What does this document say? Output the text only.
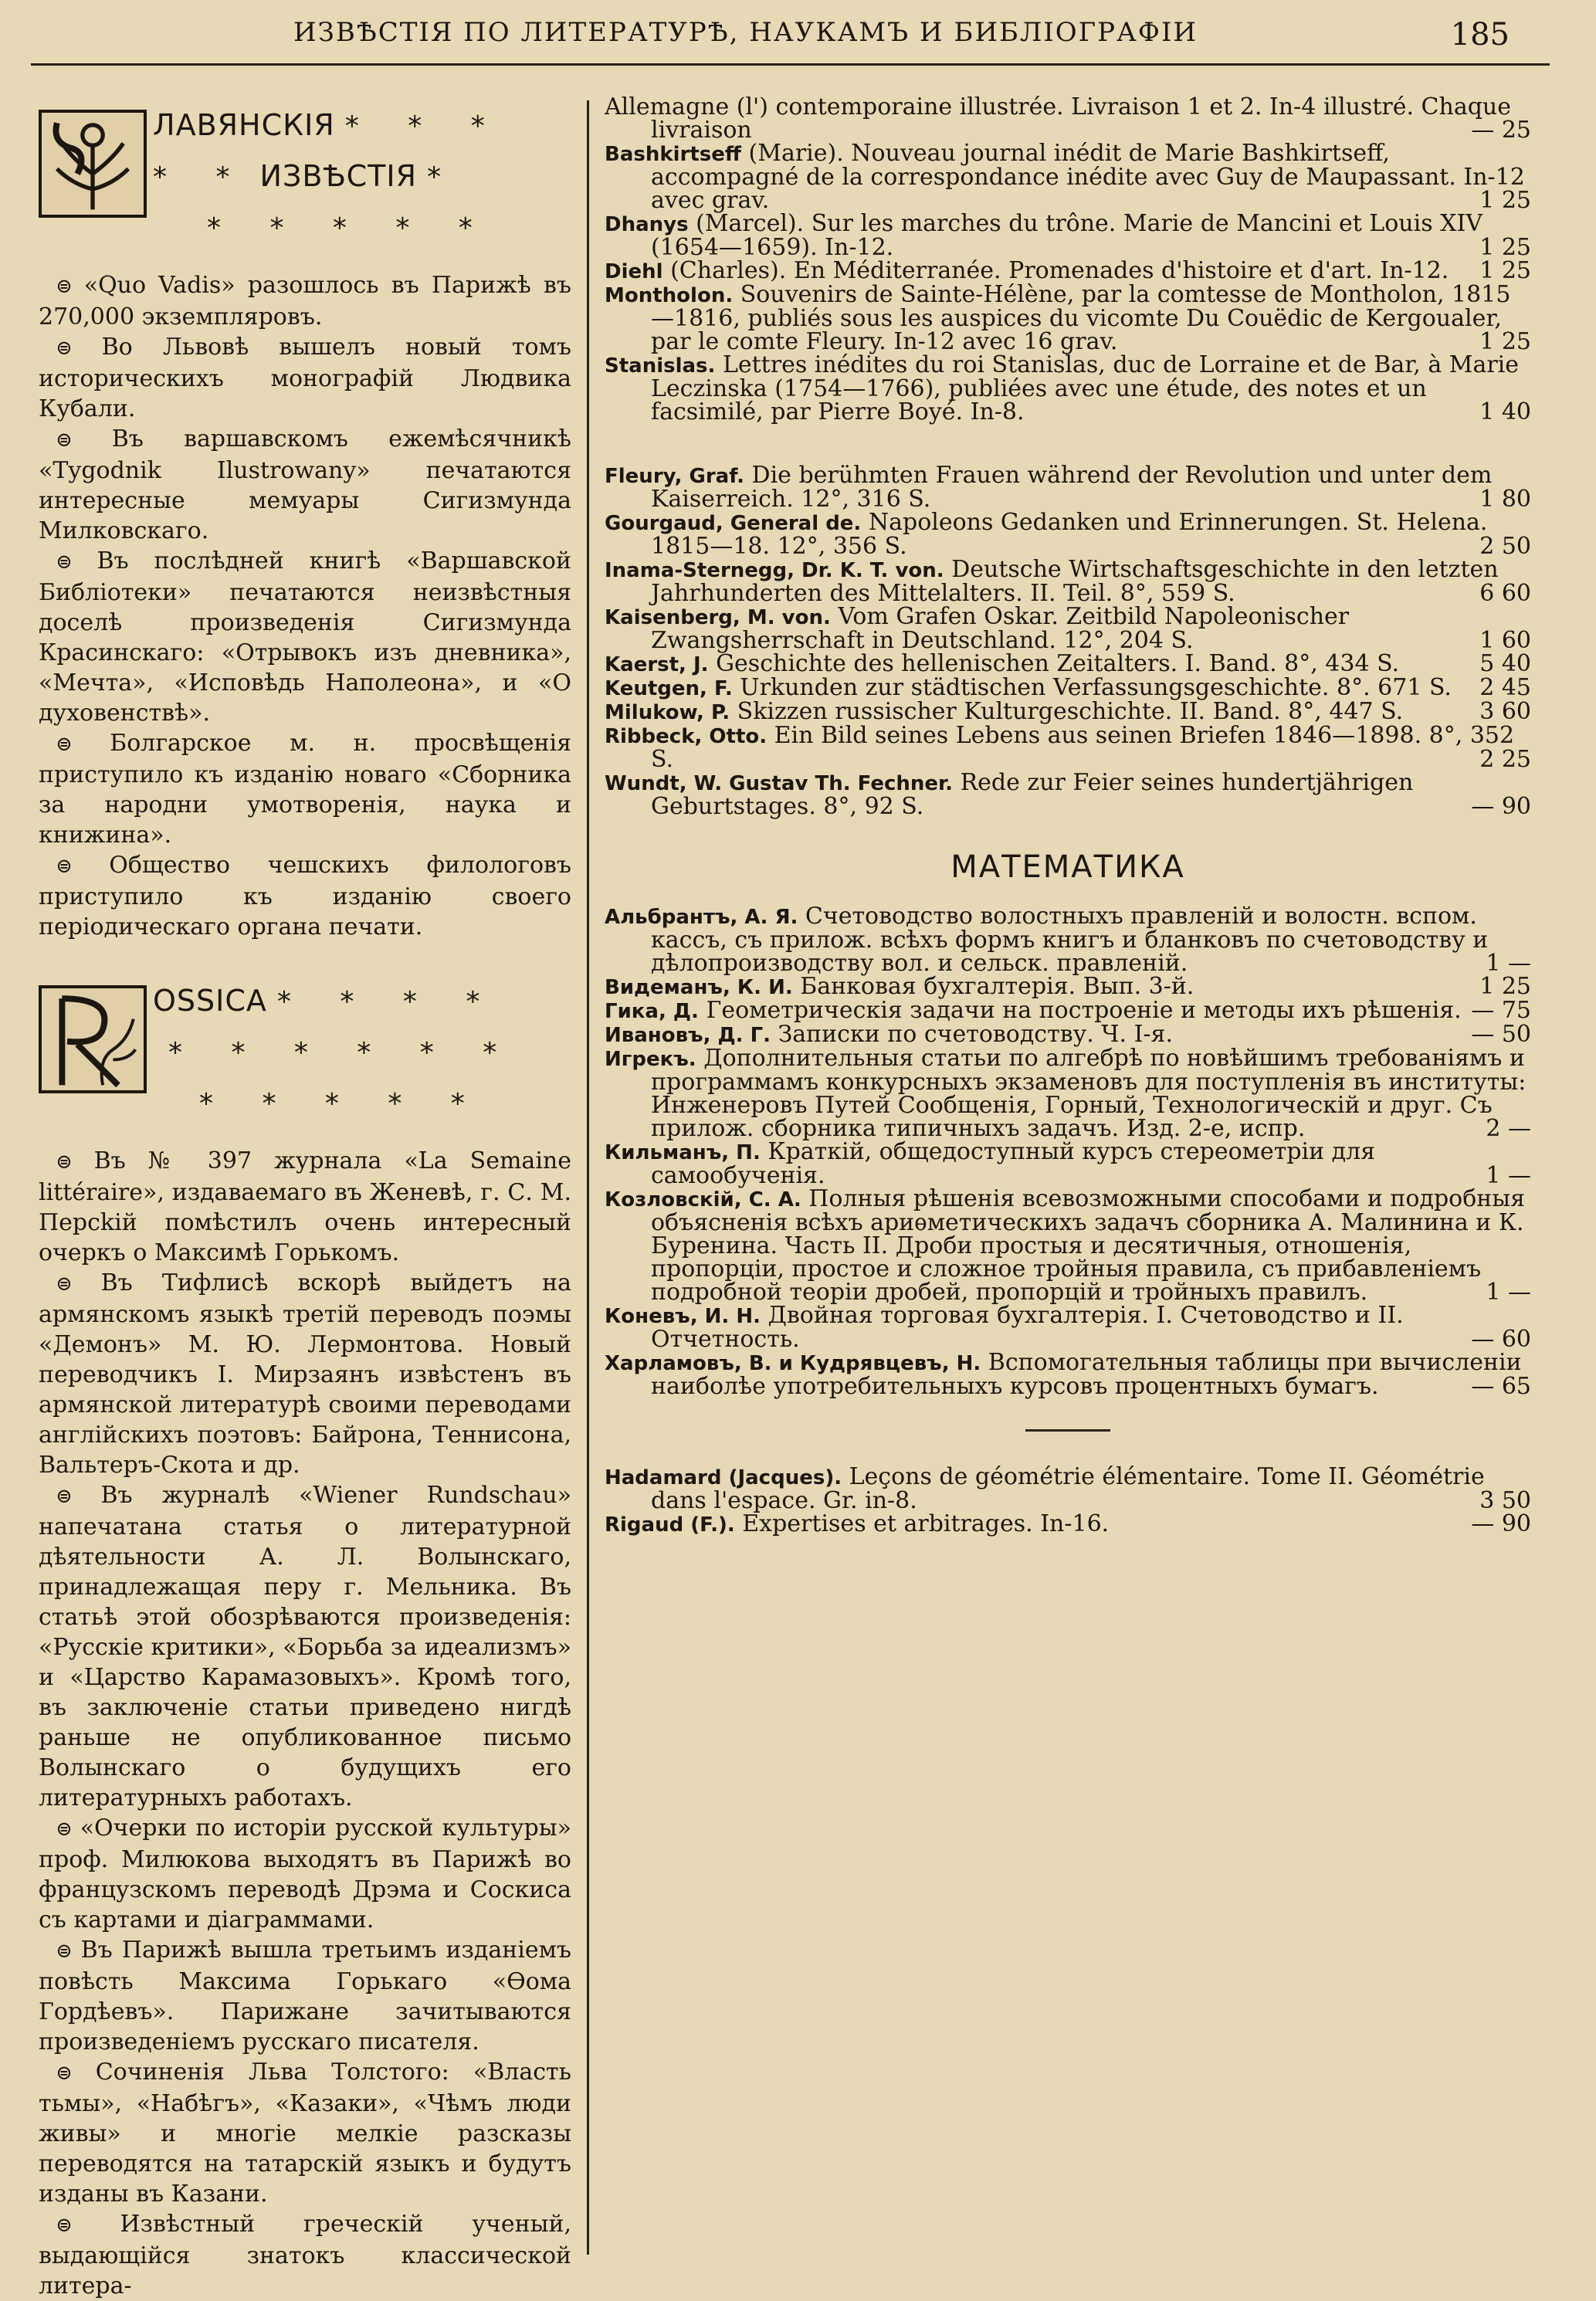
ИЗВѢСТІЯ ПО ЛИТЕРАТУРѢ, НАУКАМЪ И БИБЛІОГРАФІИ	185
ЛАВЯНСКІЯ * * *
* * ИЗВѢСТІЯ *
* * * * *

⊜ «Quo Vadis» разошлось въ Парижѣ въ 270,000 экземпляровъ.

⊜ Во Львовѣ вышелъ новый томъ историческихъ монографій Людвика Кубали.

⊜ Въ варшавскомъ ежемѣсячникѣ «Tygodnik Ilustrowany» печатаются интересные мемуары Сигизмунда Милковскаго.

⊜ Въ послѣдней книгѣ «Варшавской Библіотеки» печатаются неизвѣстныя доселѣ произведенія Сигизмунда Красинскаго: «Отрывокъ изъ дневника», «Мечта», «Исповѣдь Наполеона», и «О духовенствѣ».

⊜ Болгарское м. н. просвѣщенія приступило къ изданію новаго «Сборника за народни умотворенія, наука и книжина».

⊜ Общество чешскихъ филологовъ приступило къ изданію своего періодическаго органа печати.

OSSICA * * * *
* * * * * *
* * * * *

⊜ Въ № 397 журнала «La Semaine littéraire», издаваемаго въ Женевѣ, г. С. М. Персkій помѣстилъ очень интересный очеркъ о Максимѣ Горькомъ.

⊜ Въ Тифлисѣ вскорѣ выйдетъ на армянскомъ языкѣ третій переводъ поэмы «Демонъ» М. Ю. Лермонтова. Новый переводчикъ І. Мирзаянъ извѣстенъ въ армянской литературѣ своими переводами англійскихъ поэтовъ: Байрона, Теннисона, Вальтеръ-Скота и др.

⊜ Въ журналѣ «Wiener Rundschau» напечатана статья о литературной дѣятельности А. Л. Волынскаго, принадлежащая перу г. Мельника. Въ статьѣ этой обозрѣваются произведенія: «Русскіе критики», «Борьба за идеализмъ» и «Царство Карамазовыхъ». Кромѣ того, въ заключеніе статьи приведено нигдѣ раньше не опубликованное письмо Волынскаго о будущихъ его литературныхъ работахъ.

⊜ «Очерки по исторіи русской культуры» проф. Милюкова выходятъ въ Парижѣ во французскомъ переводѣ Дрэма и Соскиса съ картами и діаграммами.

⊜ Въ Парижѣ вышла третьимъ изданіемъ повѣсть Максима Горькаго «Ѳома Гордѣевъ». Парижане зачитываются произведеніемъ русскаго писателя.

⊜ Сочиненія Льва Толстого: «Власть тьмы», «Набѣгъ», «Казаки», «Чѣмъ люди живы» и многіе мелкіе разсказы переводятся на татарскій языкъ и будутъ изданы въ Казани.

⊜ Извѣстный греческій ученый, выдающійся знатокъ классической литера-

Allemagne (l') contemporaine illustrée. Livraison 1 et 2. In-4 illustré. Chaque livraison	— 25

Bashkirtseff (Marie). Nouveau journal inédit de Marie Bashkirtseff, accompagné de la correspondance inédite avec Guy de Maupassant. In-12 avec grav.	1 25

Dhanys (Marcel). Sur les marches du trône. Marie de Mancini et Louis XIV (1654—1659). In-12.	1 25

Diehl (Charles). En Méditerranée. Promenades d'histoire et d'art. In-12. 1 25

Montholon. Souvenirs de Sainte-Hélène, par la comtesse de Montholon, 1815—1816, publiés sous les auspices du vicomte Du Couëdic de Kergoualer, par le comte Fleury. In-12 avec 16 grav.	1 25

Stanislas. Lettres inédites du roi Stanislas, duc de Lorraine et de Bar, à Marie Leczinska (1754—1766), publiées avec une étude, des notes et un facsimilé, par Pierre Boyé. In-8.	1 40

Fleury, Graf. Die berühmten Frauen während der Revolution und unter dem Kaiserreich. 12°, 316 S.	1 80

Gourgaud, General de. Napoleons Gedanken und Erinnerungen. St. Helena. 1815—18. 12°, 356 S.	2 50

Inama-Sternegg, Dr. K. T. von. Deutsche Wirtschaftsgeschichte in den letzten Jahrhunderten des Mittelalters. II. Teil. 8°, 559 S.	6 60

Kaisenberg, M. von. Vom Grafen Oskar. Zeitbild Napoleonischer Zwangsherrschaft in Deutschland. 12°, 204 S.	1 60

Kaerst, J. Geschichte des hellenischen Zeitalters. I. Band. 8°, 434 S.	5 40

Keutgen, F. Urkunden zur städtischen Verfassungsgeschichte. 8°. 671 S. 2 45

Milukow, P. Skizzen russischer Kulturgeschichte. II. Band. 8°, 447 S.	3 60

Ribbeck, Otto. Ein Bild seines Lebens aus seinen Briefen 1846—1898. 8°, 352 S.	2 25

Wundt, W. Gustav Th. Fechner. Rede zur Feier seines hundertjährigen Geburtstages. 8°, 92 S.	— 90

МАТЕМАТИКА

Альбрантъ, А. Я. Счетоводство волостныхъ правленій и волостн. вспом. кассъ, съ прилож. всѣхъ формъ книгъ и бланковъ по счетоводству и дѣлопроизводству вол. и сельск. правленій.	1 —

Видеманъ, К. И. Банковая бухгалтерія. Вып. 3-й.	1 25

Гика, Д. Геометрическія задачи на построеніе и методы ихъ рѣшенія. — 75

Ивановъ, Д. Г. Записки по счетоводству. Ч. I-я.	— 50

Игрекъ. Дополнительныя статьи по алгебрѣ по новѣйшимъ требованіямъ и программамъ конкурсныхъ экзаменовъ для поступленія въ институты: Инженеровъ Путей Сообщенія, Горный, Технологическій и друг. Съ прилож. сборника типичныхъ задачъ. Изд. 2-е, испр.	2 —

Кильманъ, П. Краткій, общедоступный курсъ стереометріи для самообученія.	1 —

Козловскій, С. А. Полныя рѣшенія всевозможными способами и подробныя объясненія всѣхъ ариѳметическихъ задачъ сборника А. Малинина и К. Буренина. Часть II. Дроби простыя и десятичныя, отношенія, пропорціи, простое и сложное тройныя правила, съ прибавленіемъ подробной теоріи дробей, пропорцій и тройныхъ правилъ.	1 —

Коневъ, И. Н. Двойная торговая бухгалтерія. I. Счетоводство и II. Отчетность.	— 60

Харламовъ, В. и Кудрявцевъ, Н. Вспомогательныя таблицы при вычисленіи наиболѣе употребительныхъ курсовъ процентныхъ бумагъ.	— 65

Hadamard (Jacques). Leçons de géométrie élémentaire. Tome II. Géométrie dans l'espace. Gr. in-8.	3 50

Rigaud (F.). Expertises et arbitrages. In-16.	— 90
